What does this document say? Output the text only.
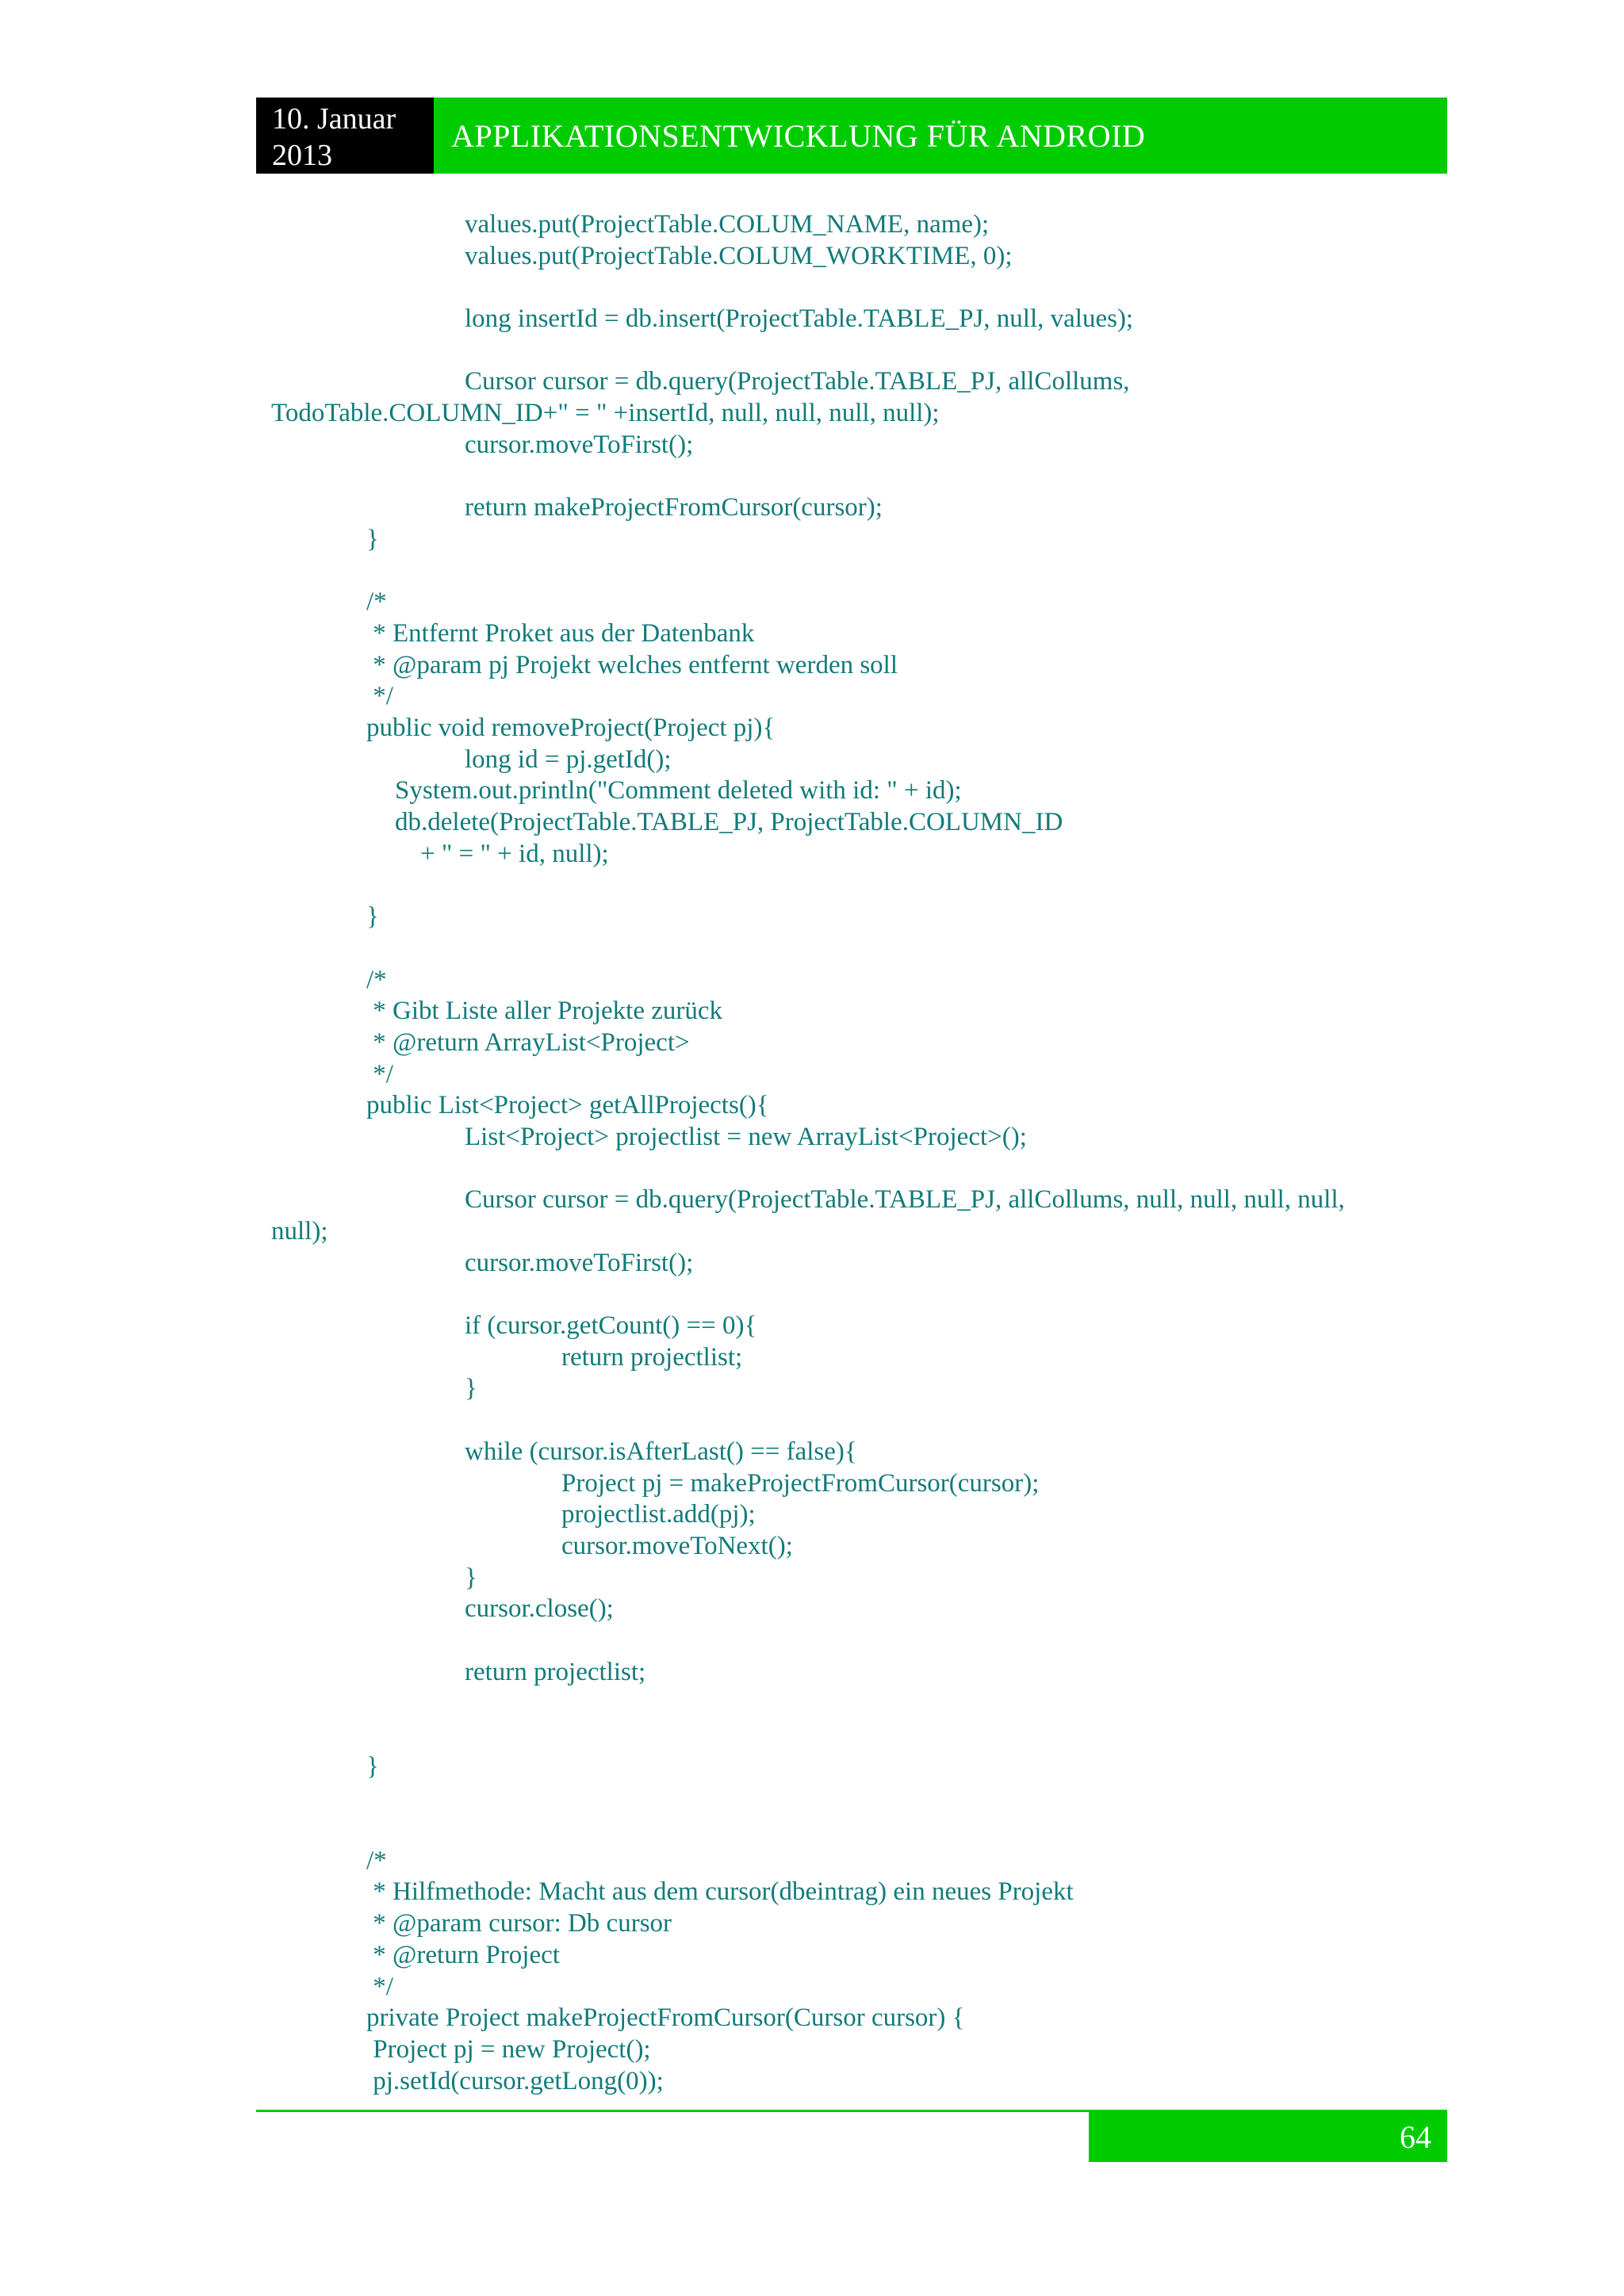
10. Januar
2013
APPLIKATIONSENTWICKLUNG FÜR ANDROID
values.put(ProjectTable.COLUM_NAME, name);
values.put(ProjectTable.COLUM_WORKTIME, 0);
long insertId = db.insert(ProjectTable.TABLE_PJ, null, values);
Cursor cursor = db.query(ProjectTable.TABLE_PJ, allCollums,
TodoTable.COLUMN_ID+" = " +insertId, null, null, null, null);
cursor.moveToFirst();
return makeProjectFromCursor(cursor);
}
/*
* Entfernt Proket aus der Datenbank
* @param pj Projekt welches entfernt werden soll
*/
public void removeProject(Project pj){
long id = pj.getId();
System.out.println("Comment deleted with id: " + id);
db.delete(ProjectTable.TABLE_PJ, ProjectTable.COLUMN_ID
+ " = " + id, null);
}
/*
* Gibt Liste aller Projekte zurück
* @return ArrayList<Project>
*/
public List<Project> getAllProjects(){
List<Project> projectlist = new ArrayList<Project>();
Cursor cursor = db.query(ProjectTable.TABLE_PJ, allCollums, null, null, null, null,
null);
cursor.moveToFirst();
if (cursor.getCount() == 0){
return projectlist;
}
while (cursor.isAfterLast() == false){
Project pj = makeProjectFromCursor(cursor);
projectlist.add(pj);
cursor.moveToNext();
}
cursor.close();
return projectlist;
}
/*
* Hilfmethode: Macht aus dem cursor(dbeintrag) ein neues Projekt
* @param cursor: Db cursor
* @return Project
*/
private Project makeProjectFromCursor(Cursor cursor) {
Project pj = new Project();
pj.setId(cursor.getLong(0));
64
